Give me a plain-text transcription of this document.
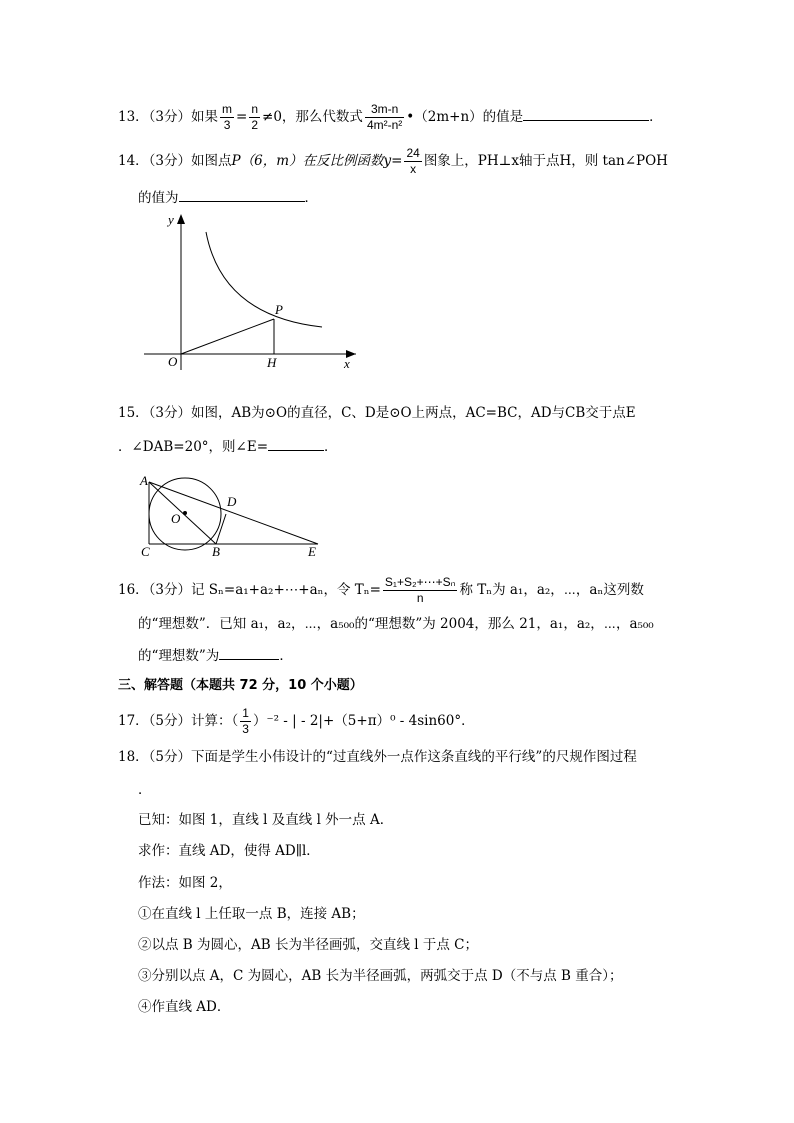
13．（3分）如果 $\frac{m}{3} = \frac{n}{2} \ne 0$，那么代数式 $\frac{3m-n}{\text{4m²-n²}}$ •（2m+n）的值是	．
14．（3分）如图点P（6，m）在反比例函数$y= \frac{24}{x}$ 图象上，PH⊥x轴于点H，则 tan∠POH
的值为	．
y
x
O
P
H
15．（3分）如图，AB为⊙O的直径，C、D是⊙O上两点，AC=BC，AD与CB交于点E
．∠DAB=20°，则∠E=	．
A
D
O
C	B	E
16．（3分）记 Sₙ=a₁+a₂+⋯+aₙ，令 $T_n= \frac{\text{S₁+S₂+⋯+Sₙ}}{n}$ 称 Tₙ为 a₁，a₂，⋯，aₙ这列数
的“理想数”．已知 a₁，a₂，⋯，a₅₀₀的“理想数”为 2004，那么 21，a₁，a₂，⋯，a₅₀₀
的“理想数”为	．
三、解答题（本题共 72 分，10 个小题）
17．（5分）计算：（ $\frac{1}{3} )^{-2}$ - | - 2|+（5+π）⁰ - 4sin60°．
18．（5分）下面是学生小伟设计的“过直线外一点作这条直线的平行线”的尺规作图过程
．
已知：如图 1，直线 l 及直线 l 外一点 A．
求作：直线 AD，使得 AD∥l．
作法：如图 2，
①在直线 l 上任取一点 B，连接 AB；
②以点 B 为圆心，AB 长为半径画弧，交直线 l 于点 C；
③分别以点 A，C 为圆心，AB 长为半径画弧，两弧交于点 D（不与点 B 重合）；
④作直线 AD．
